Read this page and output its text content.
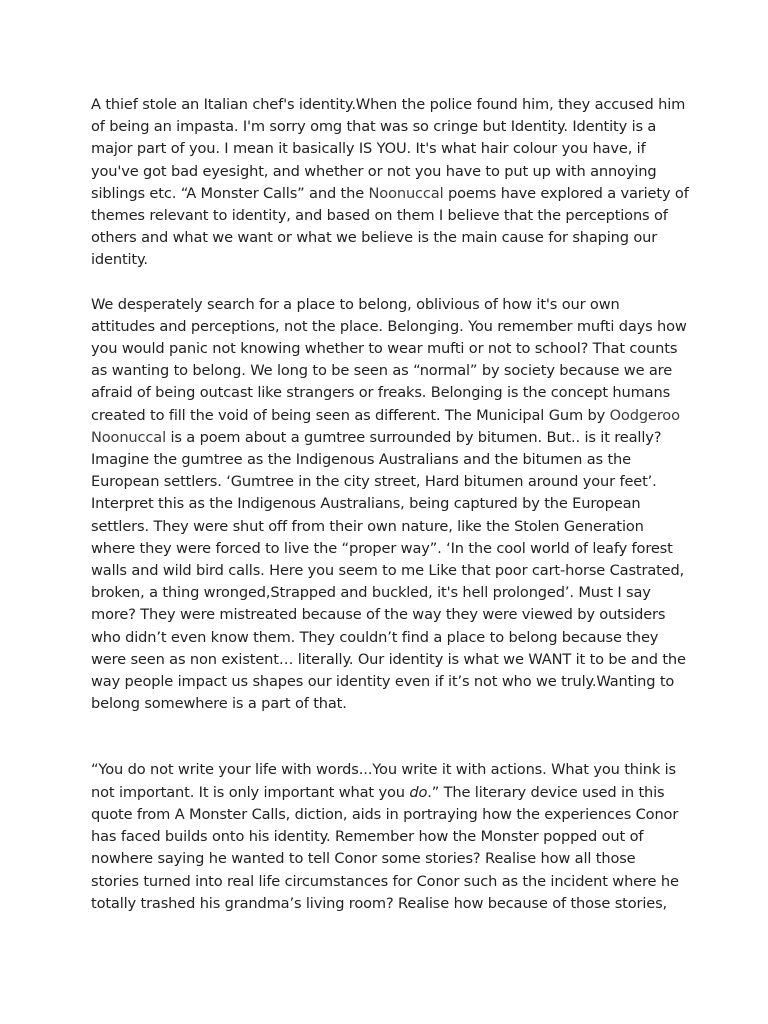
A thief stole an Italian chef's identity.When the police found him, they accused him
of being an impasta. I'm sorry omg that was so cringe but Identity. Identity is a
major part of you. I mean it basically IS YOU. It's what hair colour you have, if
you've got bad eyesight, and whether or not you have to put up with annoying
siblings etc. “A Monster Calls” and the Noonuccal poems have explored a variety of
themes relevant to identity, and based on them I believe that the perceptions of
others and what we want or what we believe is the main cause for shaping our
identity.
We desperately search for a place to belong, oblivious of how it's our own
attitudes and perceptions, not the place. Belonging. You remember mufti days how
you would panic not knowing whether to wear mufti or not to school? That counts
as wanting to belong. We long to be seen as “normal” by society because we are
afraid of being outcast like strangers or freaks. Belonging is the concept humans
created to fill the void of being seen as different. The Municipal Gum by Oodgeroo
Noonuccal is a poem about a gumtree surrounded by bitumen. But.. is it really?
Imagine the gumtree as the Indigenous Australians and the bitumen as the
European settlers. ‘Gumtree in the city street, Hard bitumen around your feet’.
Interpret this as the Indigenous Australians, being captured by the European
settlers. They were shut off from their own nature, like the Stolen Generation
where they were forced to live the “proper way”. ‘In the cool world of leafy forest
walls and wild bird calls. Here you seem to me Like that poor cart-horse Castrated,
broken, a thing wronged,Strapped and buckled, it's hell prolonged’. Must I say
more? They were mistreated because of the way they were viewed by outsiders
who didn’t even know them. They couldn’t find a place to belong because they
were seen as non existent… literally. Our identity is what we WANT it to be and the
way people impact us shapes our identity even if it’s not who we truly.Wanting to
belong somewhere is a part of that.
“You do not write your life with words...You write it with actions. What you think is
not important. It is only important what you do.” The literary device used in this
quote from A Monster Calls, diction, aids in portraying how the experiences Conor
has faced builds onto his identity. Remember how the Monster popped out of
nowhere saying he wanted to tell Conor some stories? Realise how all those
stories turned into real life circumstances for Conor such as the incident where he
totally trashed his grandma’s living room? Realise how because of those stories,
